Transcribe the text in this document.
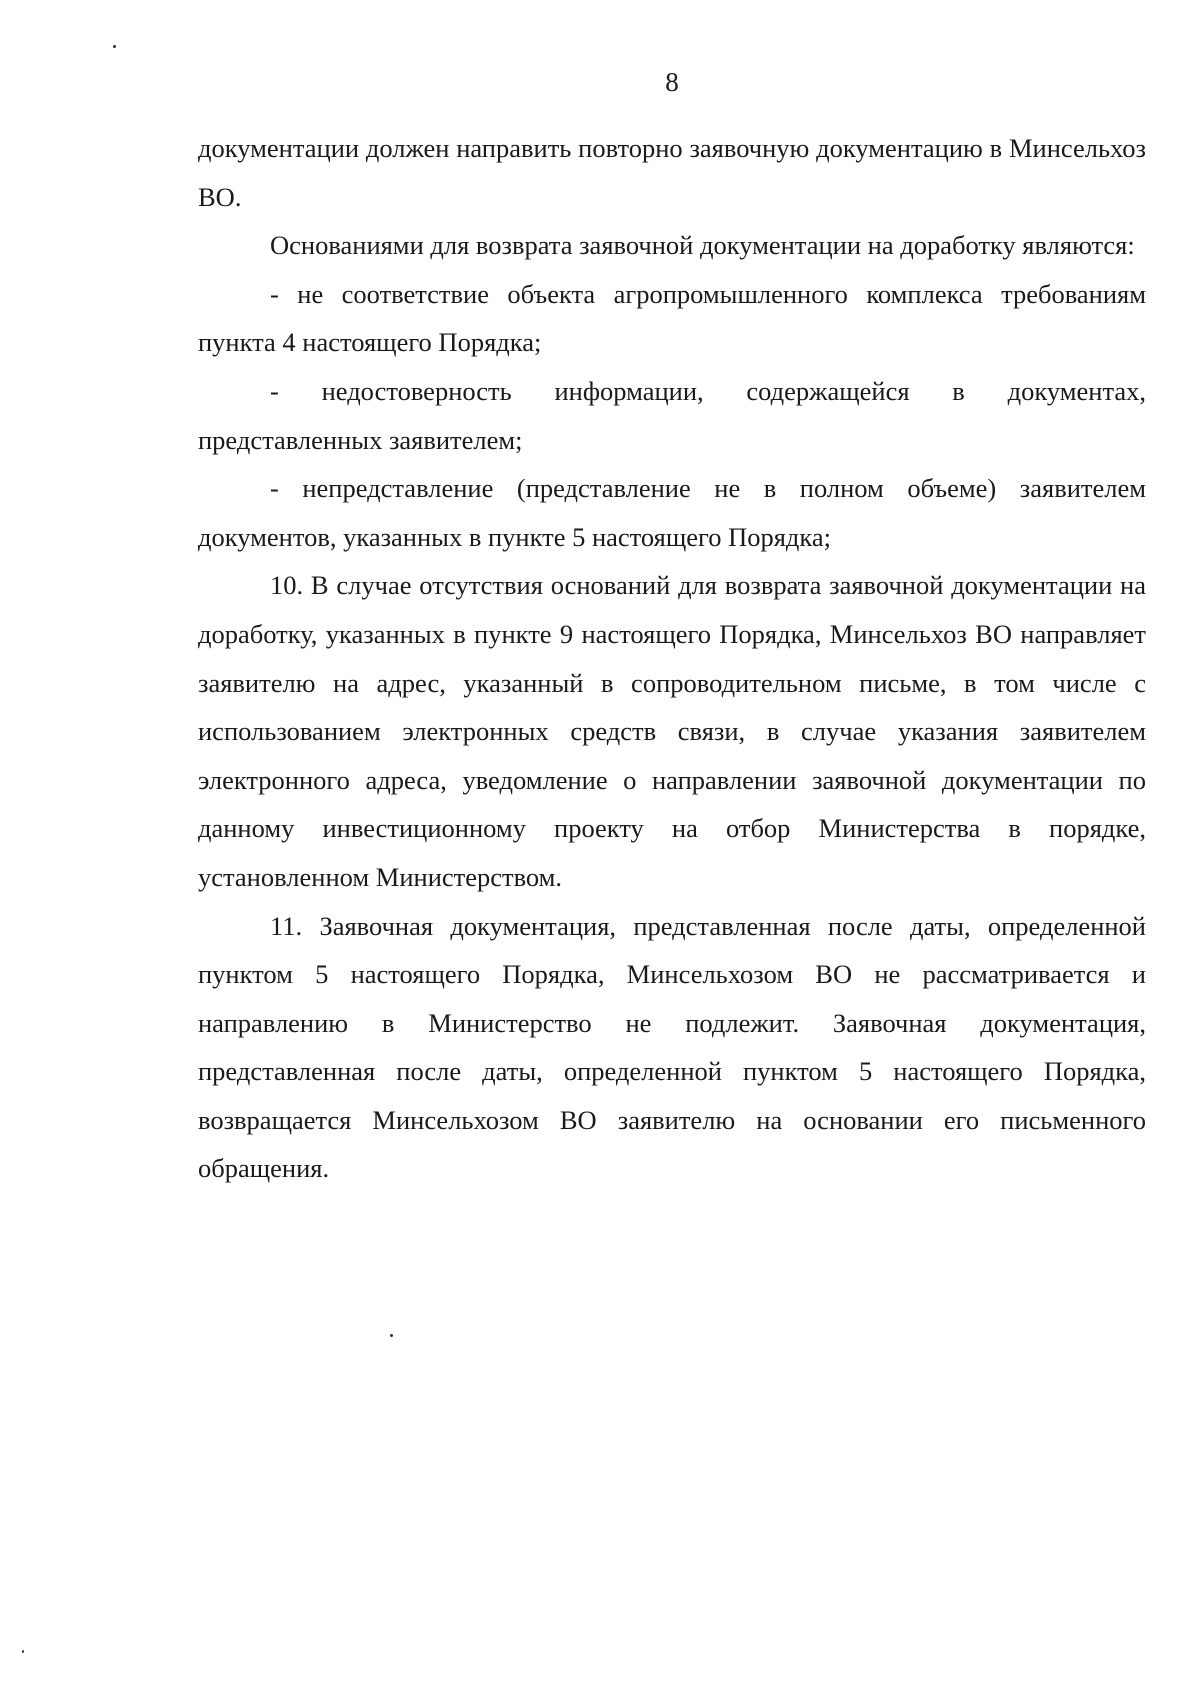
8

документации должен направить повторно заявочную документацию в Минсельхоз ВО.

Основаниями для возврата заявочной документации на доработку являются:

- не соответствие объекта агропромышленного комплекса требованиям пункта 4 настоящего Порядка;

- недостоверность информации, содержащейся в документах, представленных заявителем;

- непредставление (представление не в полном объеме) заявителем документов, указанных в пункте 5 настоящего Порядка;

10. В случае отсутствия оснований для возврата заявочной документации на доработку, указанных в пункте 9 настоящего Порядка, Минсельхоз ВО направляет заявителю на адрес, указанный в сопроводительном письме, в том числе с использованием электронных средств связи, в случае указания заявителем электронного адреса, уведомление о направлении заявочной документации по данному инвестиционному проекту на отбор Министерства в порядке, установленном Министерством.

11. Заявочная документация, представленная после даты, определенной пунктом 5 настоящего Порядка, Минсельхозом ВО не рассматривается и направлению в Министерство не подлежит. Заявочная документация, представленная после даты, определенной пунктом 5 настоящего Порядка, возвращается Минсельхозом ВО заявителю на основании его письменного обращения.
